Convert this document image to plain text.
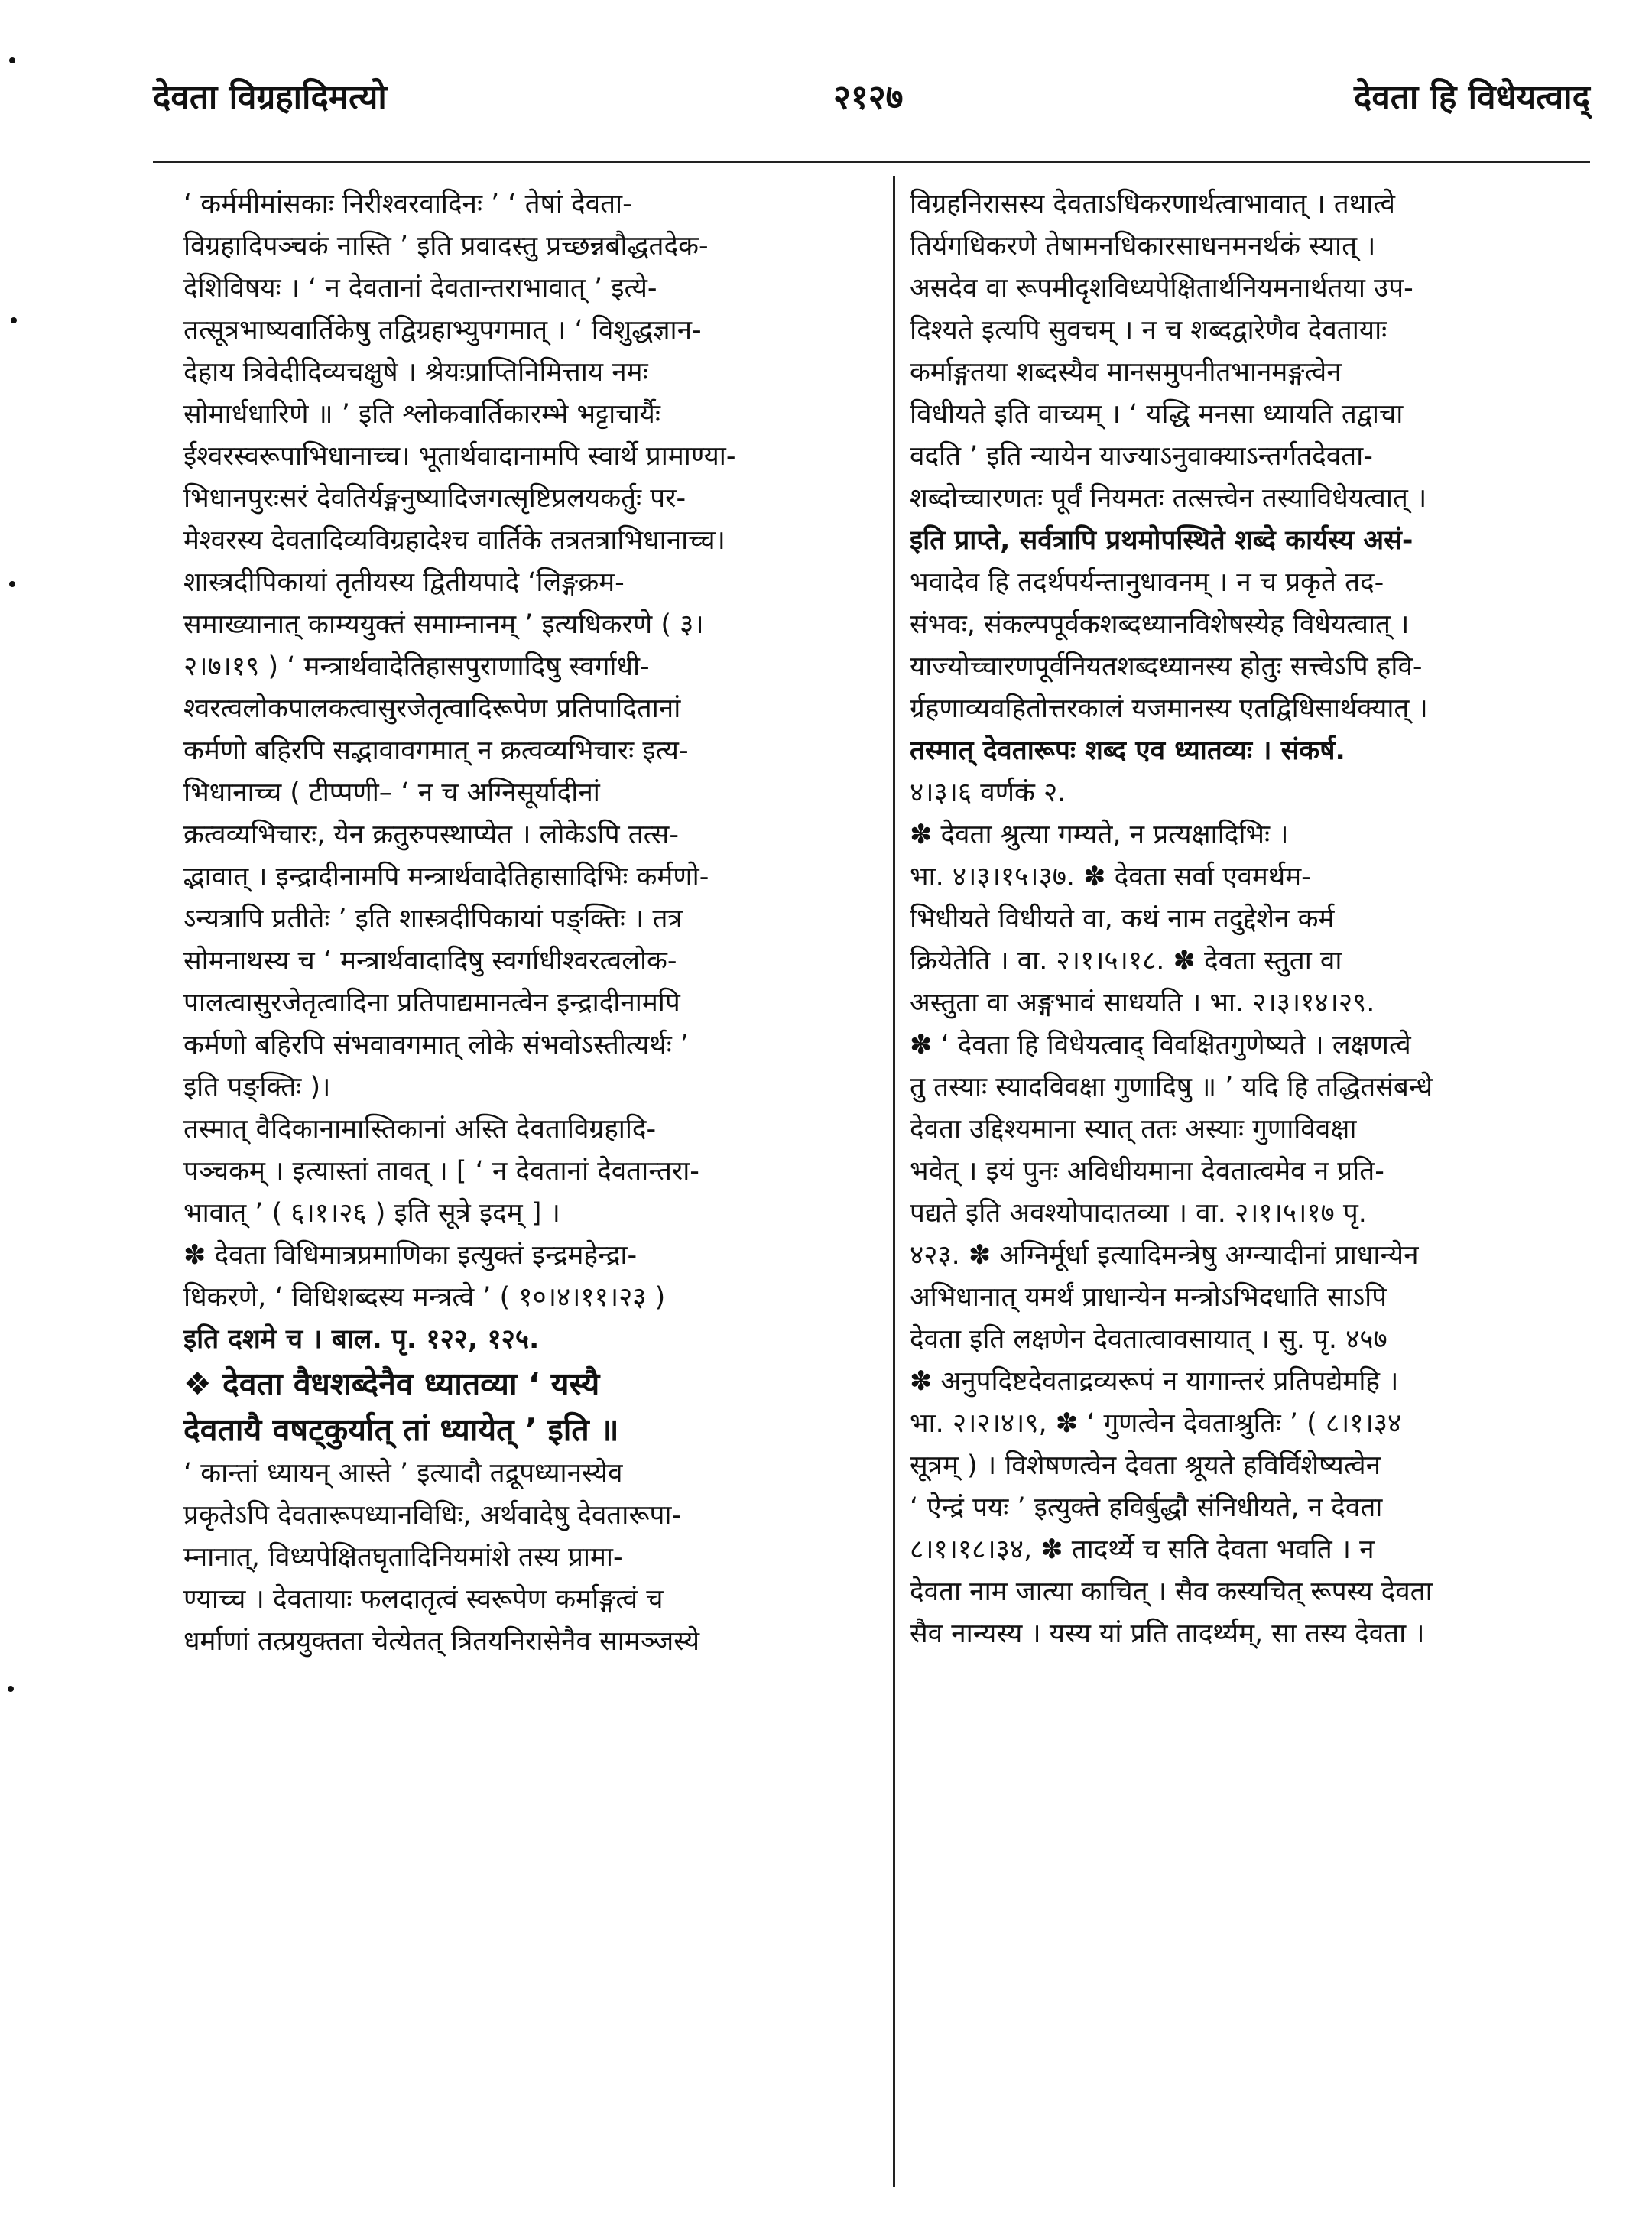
देवता विग्रहादिमत्यो	२१२७	देवता हि विधेयत्वाद्
‘ कर्ममीमांसकाः निरीश्वरवादिनः ’ ‘ तेषां देवता-
विग्रहादिपञ्चकं नास्ति ’ इति प्रवादस्तु प्रच्छन्नबौद्धतदेक-
देशिविषयः । ‘ न देवतानां देवतान्तराभावात् ’ इत्ये-
तत्सूत्रभाष्यवार्तिकेषु तद्विग्रहाभ्युपगमात् । ‘ विशुद्धज्ञान-
देहाय त्रिवेदीदिव्यचक्षुषे । श्रेयःप्राप्तिनिमित्ताय नमः
सोमार्धधारिणे ॥ ’ इति श्लोकवार्तिकारम्भे भट्टाचार्यैः
ईश्वरस्वरूपाभिधानाच्च। भूतार्थवादानामपि स्वार्थे प्रामाण्या-
भिधानपुरःसरं देवतिर्यङ्मनुष्यादिजगत्सृष्टिप्रलयकर्तुः पर-
मेश्वरस्य देवतादिव्यविग्रहादेश्च वार्तिके तत्रतत्राभिधानाच्च।
शास्त्रदीपिकायां तृतीयस्य द्वितीयपादे ‘लिङ्गक्रम-
समाख्यानात् काम्ययुक्तं समाम्नानम् ’ इत्यधिकरणे ( ३।
२।७।१९ ) ‘ मन्त्रार्थवादेतिहासपुराणादिषु स्वर्गाधी-
श्वरत्वलोकपालकत्वासुरजेतृत्वादिरूपेण प्रतिपादितानां
कर्मणो बहिरपि सद्भावावगमात् न क्रत्वव्यभिचारः इत्य-
भिधानाच्च ( टीप्पणी– ‘ न च अग्निसूर्यादीनां
क्रत्वव्यभिचारः, येन क्रतुरुपस्थाप्येत । लोकेऽपि तत्स-
द्भावात् । इन्द्रादीनामपि मन्त्रार्थवादेतिहासादिभिः कर्मणो-
ऽन्यत्रापि प्रतीतेः ’ इति शास्त्रदीपिकायां पङ्क्तिः । तत्र
सोमनाथस्य च ‘ मन्त्रार्थवादादिषु स्वर्गाधीश्वरत्वलोक-
पालत्वासुरजेतृत्वादिना प्रतिपाद्यमानत्वेन इन्द्रादीनामपि
कर्मणो बहिरपि संभवावगमात् लोके संभवोऽस्तीत्यर्थः ’
इति पङ्क्तिः )।
तस्मात् वैदिकानामास्तिकानां अस्ति देवताविग्रहादि-
पञ्चकम् । इत्यास्तां तावत् । [ ‘ न देवतानां देवतान्तरा-
भावात् ’ ( ६।१।२६ ) इति सूत्रे इदम् ] ।
✽ देवता विधिमात्रप्रमाणिका इत्युक्तं इन्द्रमहेन्द्रा-
धिकरणे, ‘ विधिशब्दस्य मन्त्रत्वे ’ ( १०।४।११।२३ )
इति दशमे च । बाल. पृ. १२२, १२५.
❖ देवता वैधशब्देनैव ध्यातव्या ‘ यस्यै
देवतायै वषट्कुर्यात् तां ध्यायेत् ’ इति ॥
‘ कान्तां ध्यायन् आस्ते ’ इत्यादौ तद्रूपध्यानस्येव
प्रकृतेऽपि देवतारूपध्यानविधिः, अर्थवादेषु देवतारूपा-
म्नानात्, विध्यपेक्षितघृतादिनियमांशे तस्य प्रामा-
ण्याच्च । देवतायाः फलदातृत्वं स्वरूपेण कर्माङ्गत्वं च
धर्माणां तत्प्रयुक्तता चेत्येतत् त्रितयनिरासेनैव सामञ्जस्ये
विग्रहनिरासस्य देवताऽधिकरणार्थत्वाभावात् । तथात्वे
तिर्यगधिकरणे तेषामनधिकारसाधनमनर्थकं स्यात् ।
असदेव वा रूपमीदृशविध्यपेक्षितार्थनियमनार्थतया उप-
दिश्यते इत्यपि सुवचम् । न च शब्दद्वारेणैव देवतायाः
कर्माङ्गतया शब्दस्यैव मानसमुपनीतभानमङ्गत्वेन
विधीयते इति वाच्यम् । ‘ यद्धि मनसा ध्यायति तद्वाचा
वदति ’ इति न्यायेन याज्याऽनुवाक्याऽन्तर्गतदेवता-
शब्दोच्चारणतः पूर्वं नियमतः तत्सत्त्वेन तस्याविधेयत्वात् ।
इति प्राप्ते, सर्वत्रापि प्रथमोपस्थिते शब्दे कार्यस्य असं-
भवादेव हि तदर्थपर्यन्तानुधावनम् । न च प्रकृते तद-
संभवः, संकल्पपूर्वकशब्दध्यानविशेषस्येह विधेयत्वात् ।
याज्योच्चारणपूर्वनियतशब्दध्यानस्य होतुः सत्त्वेऽपि हवि-
र्ग्रहणाव्यवहितोत्तरकालं यजमानस्य एतद्विधिसार्थक्यात् ।
तस्मात् देवतारूपः शब्द एव ध्यातव्यः । संकर्ष.
४।३।६ वर्णकं २.
✽ देवता श्रुत्या गम्यते, न प्रत्यक्षादिभिः ।
भा. ४।३।१५।३७. ✽ देवता सर्वा एवमर्थम-
भिधीयते विधीयते वा, कथं नाम तदुद्देशेन कर्म
क्रियेतेति । वा. २।१।५।१८. ✽ देवता स्तुता वा
अस्तुता वा अङ्गभावं साधयति । भा. २।३।१४।२९.
✽ ‘ देवता हि विधेयत्वाद् विवक्षितगुणेष्यते । लक्षणत्वे
तु तस्याः स्यादविवक्षा गुणादिषु ॥ ’ यदि हि तद्धितसंबन्धे
देवता उद्दिश्यमाना स्यात् ततः अस्याः गुणाविवक्षा
भवेत् । इयं पुनः अविधीयमाना देवतात्वमेव न प्रति-
पद्यते इति अवश्योपादातव्या । वा. २।१।५।१७ पृ.
४२३. ✽ अग्निर्मूर्धा इत्यादिमन्त्रेषु अग्न्यादीनां प्राधान्येन
अभिधानात् यमर्थं प्राधान्येन मन्त्रोऽभिदधाति साऽपि
देवता इति लक्षणेन देवतात्वावसायात् । सु. पृ. ४५७
✽ अनुपदिष्टदेवताद्रव्यरूपं न यागान्तरं प्रतिपद्येमहि ।
भा. २।२।४।९, ✽ ‘ गुणत्वेन देवताश्रुतिः ’ ( ८।१।३४
सूत्रम् ) । विशेषणत्वेन देवता श्रूयते हविर्विशेष्यत्वेन
‘ ऐन्द्रं पयः ’ इत्युक्ते हविर्बुद्धौ संनिधीयते, न देवता
८।१।१८।३४, ✽ तादर्थ्ये च सति देवता भवति । न
देवता नाम जात्या काचित् । सैव कस्यचित् रूपस्य देवता
सैव नान्यस्य । यस्य यां प्रति तादर्थ्यम्, सा तस्य देवता ।
